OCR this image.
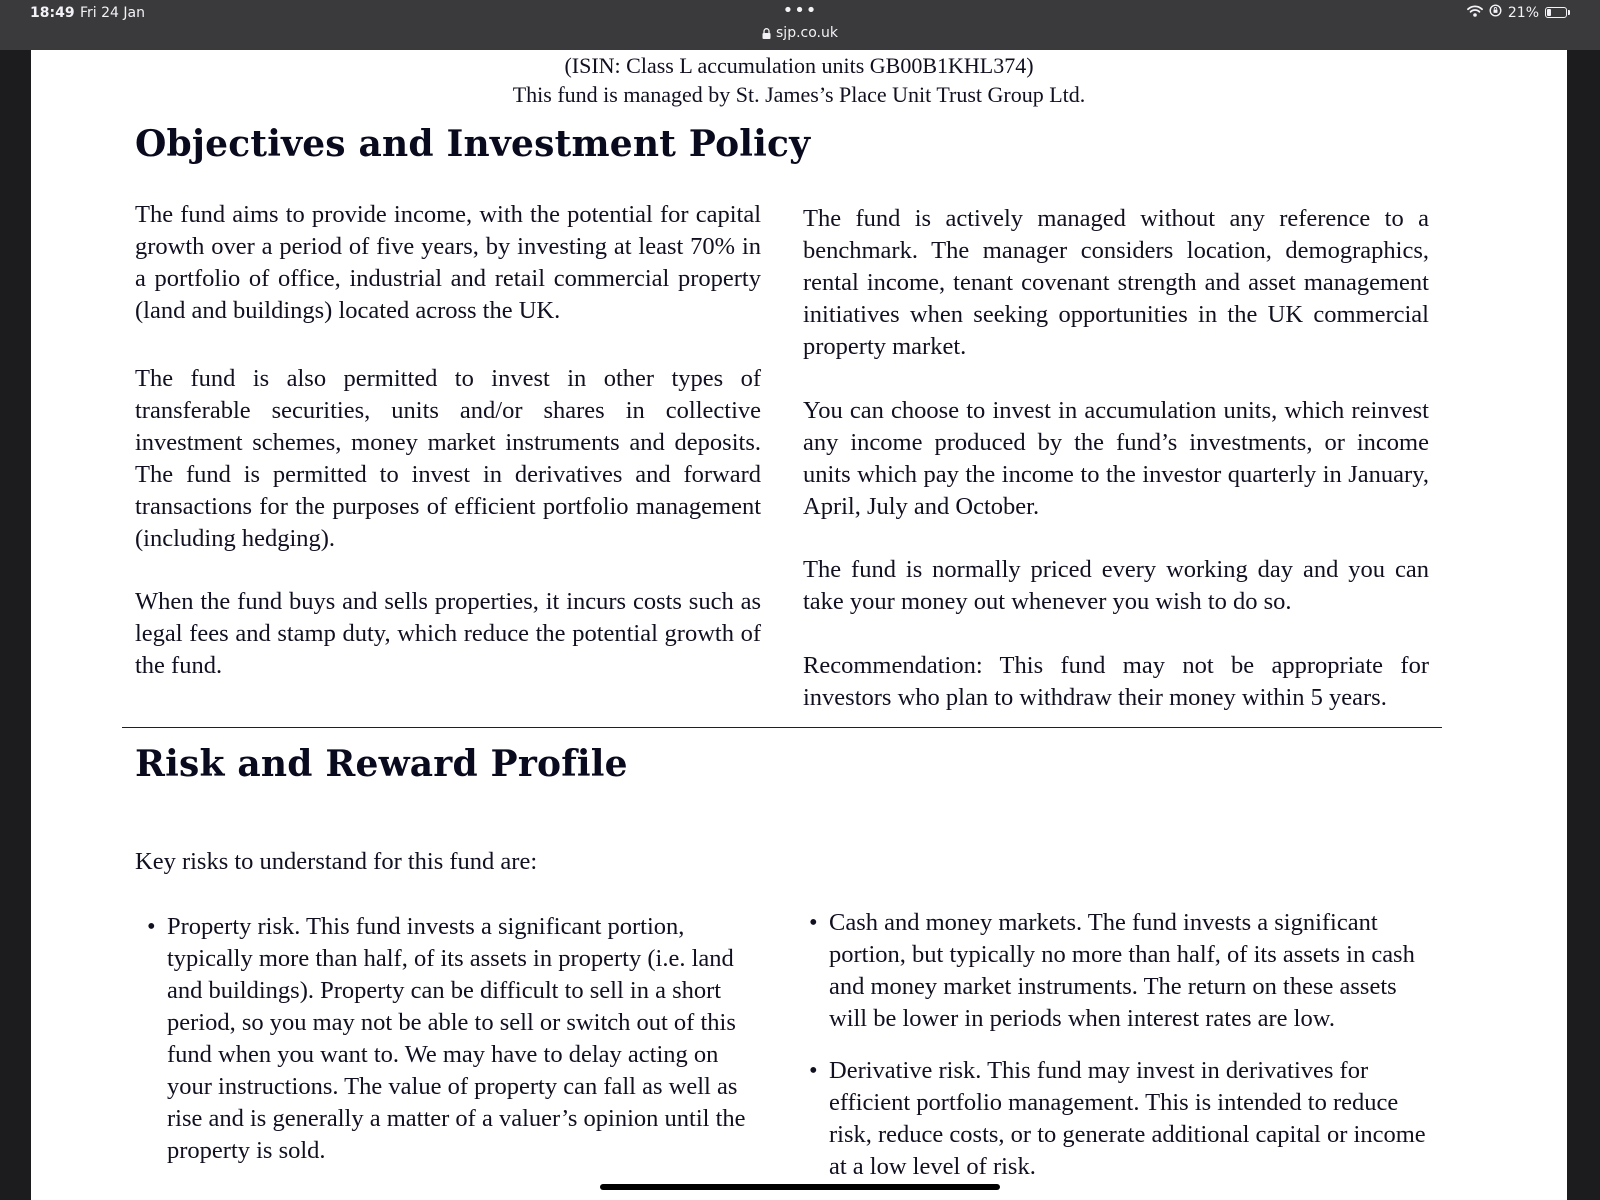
18:49 Fri 24 Jan	•••
sjp.co.uk
21%
(ISIN: Class L accumulation units GB00B1KHL374)
This fund is managed by St. James’s Place Unit Trust Group Ltd.
Objectives and Investment Policy

The fund aims to provide income, with the potential for capital growth over a period of five years, by investing at least 70% in a portfolio of office, industrial and retail commercial property (land and buildings) located across the UK.

The fund is also permitted to invest in other types of transferable securities, units and/or shares in collective investment schemes, money market instruments and deposits. The fund is permitted to invest in derivatives and forward transactions for the purposes of efficient portfolio management (including hedging).

When the fund buys and sells properties, it incurs costs such as legal fees and stamp duty, which reduce the potential growth of the fund.

The fund is actively managed without any reference to a benchmark. The manager considers location, demographics, rental income, tenant covenant strength and asset management initiatives when seeking opportunities in the UK commercial property market.

You can choose to invest in accumulation units, which reinvest any income produced by the fund’s investments, or income units which pay the income to the investor quarterly in January, April, July and October.

The fund is normally priced every working day and you can take your money out whenever you wish to do so.

Recommendation: This fund may not be appropriate for investors who plan to withdraw their money within 5 years.

Risk and Reward Profile

Key risks to understand for this fund are:

• Property risk. This fund invests a significant portion, typically more than half, of its assets in property (i.e. land and buildings). Property can be difficult to sell in a short period, so you may not be able to sell or switch out of this fund when you want to. We may have to delay acting on your instructions. The value of property can fall as well as rise and is generally a matter of a valuer’s opinion until the property is sold.

• Cash and money markets. The fund invests a significant portion, but typically no more than half, of its assets in cash and money market instruments. The return on these assets will be lower in periods when interest rates are low.

• Derivative risk. This fund may invest in derivatives for efficient portfolio management. This is intended to reduce risk, reduce costs, or to generate additional capital or income at a low level of risk.
